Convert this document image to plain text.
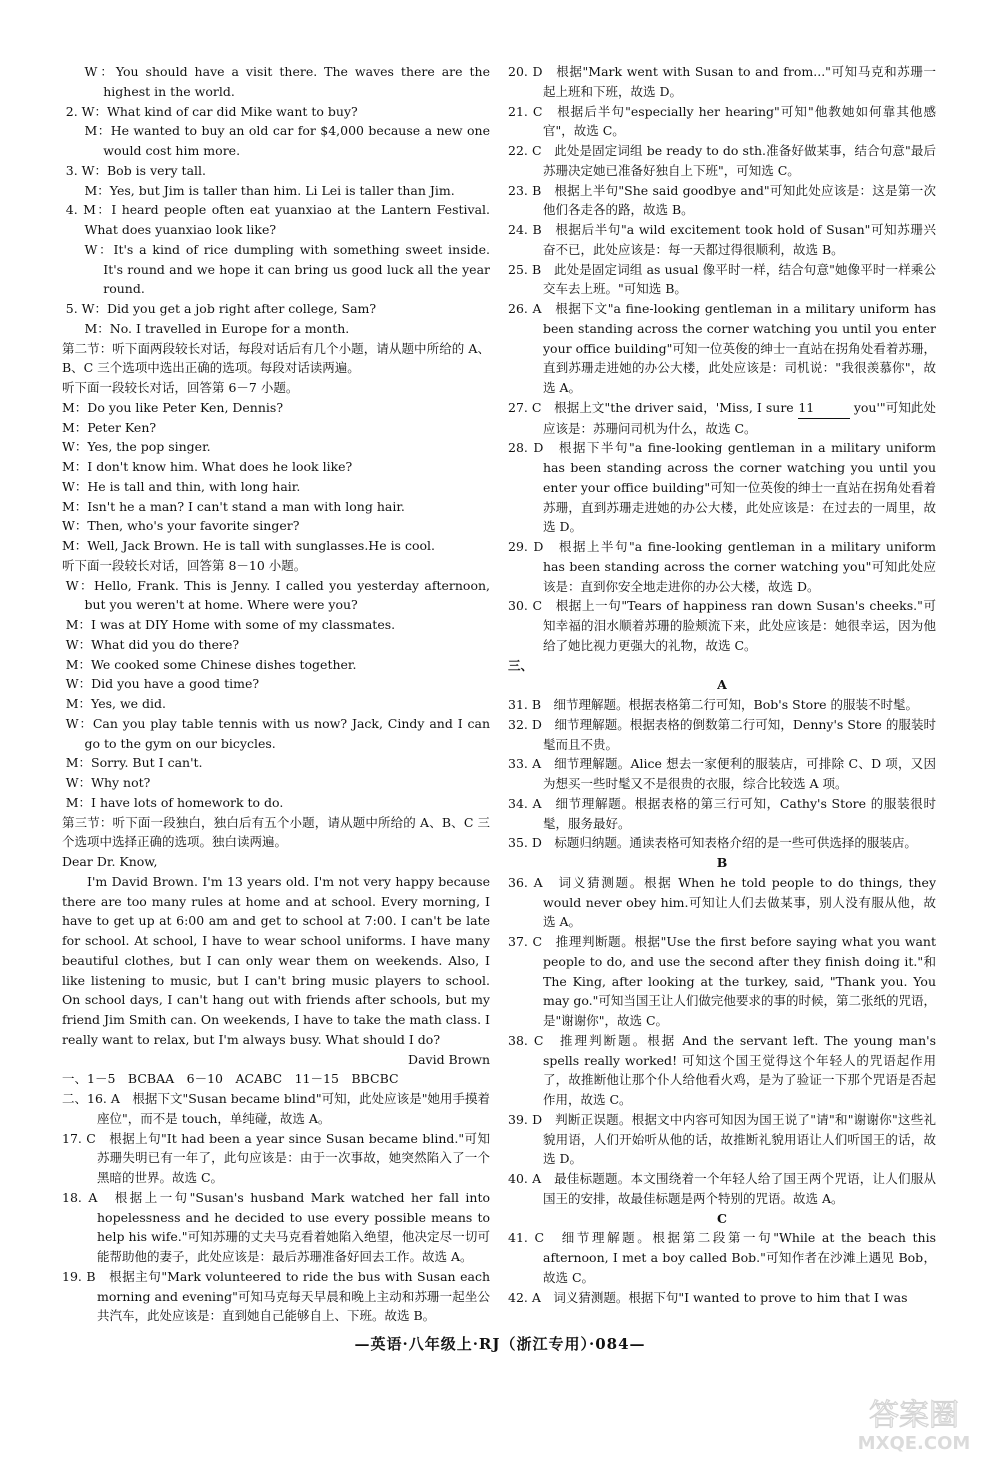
W：You should have a visit there. The waves there are the highest in the world.

2. W：What kind of car did Mike want to buy?

M：He wanted to buy an old car for $4,000 because a new one would cost him more.

3. W：Bob is very tall.

M：Yes, but Jim is taller than him. Li Lei is taller than Jim.

4. M：I heard people often eat yuanxiao at the Lantern Festival. What does yuanxiao look like?

W：It's a kind of rice dumpling with something sweet inside. It's round and we hope it can bring us good luck all the year round.

5. W：Did you get a job right after college, Sam?

M：No. I travelled in Europe for a month.

第二节：听下面两段较长对话，每段对话后有几个小题，请从题中所给的 A、B、C 三个选项中选出正确的选项。每段对话读两遍。

听下面一段较长对话，回答第 6－7 小题。

M：Do you like Peter Ken, Dennis?

M：Peter Ken?

W：Yes, the pop singer.

M：I don't know him. What does he look like?

W：He is tall and thin, with long hair.

M：Isn't he a man? I can't stand a man with long hair.

W：Then, who's your favorite singer?

M：Well, Jack Brown. He is tall with sunglasses.He is cool.

听下面一段较长对话，回答第 8－10 小题。

W：Hello, Frank. This is Jenny. I called you yesterday afternoon, but you weren't at home. Where were you?

M：I was at DIY Home with some of my classmates.

W：What did you do there?

M：We cooked some Chinese dishes together.

W：Did you have a good time?

M：Yes, we did.

W：Can you play table tennis with us now? Jack, Cindy and I can go to the gym on our bicycles.

M：Sorry. But I can't.

W：Why not?

M：I have lots of homework to do.

第三节：听下面一段独白，独白后有五个小题，请从题中所给的 A、B、C 三个选项中选择正确的选项。独白读两遍。

Dear Dr. Know,

I'm David Brown. I'm 13 years old. I'm not very happy because there are too many rules at home and at school. Every morning, I have to get up at 6:00 am and get to school at 7:00. I can't be late for school. At school, I have to wear school uniforms. I have many beautiful clothes, but I can only wear them on weekends. Also, I like listening to music, but I can't bring music players to school. On school days, I can't hang out with friends after schools, but my friend Jim Smith can. On weekends, I have to take the math class. I really want to relax, but I'm always busy. What should I do?

David Brown

一、1－5　BCBAA　6－10　ACABC　11－15　BBCBC

二、16. A　根据下文"Susan became blind"可知，此处应该是"她用手摸着座位"，而不是 touch，单纯碰，故选 A。

17. C　根据上句"It had been a year since Susan became blind."可知苏珊失明已有一年了，此句应该是：由于一次事故，她突然陷入了一个黑暗的世界。故选 C。

18. A　根据上一句"Susan's husband Mark watched her fall into hopelessness and he decided to use every possible means to help his wife."可知苏珊的丈夫马克看着她陷入绝望，他决定尽一切可能帮助他的妻子，此处应该是：最后苏珊准备好回去工作。故选 A。

19. B　根据主句"Mark volunteered to ride the bus with Susan each morning and evening"可知马克每天早晨和晚上主动和苏珊一起坐公共汽车，此处应该是：直到她自己能够自上、下班。故选 B。

20. D　根据"Mark went with Susan to and from..."可知马克和苏珊一起上班和下班，故选 D。

21. C　根据后半句"especially her hearing"可知"他教她如何靠其他感官"，故选 C。

22. C　此处是固定词组 be ready to do sth.准备好做某事，结合句意"最后苏珊决定她已准备好独自上下班"，可知选 C。

23. B　根据上半句"She said goodbye and"可知此处应该是：这是第一次他们各走各的路，故选 B。

24. B　根据后半句"a wild excitement took hold of Susan"可知苏珊兴奋不已，此处应该是：每一天都过得很顺利，故选 B。

25. B　此处是固定词组 as usual 像平时一样，结合句意"她像平时一样乘公交车去上班。"可知选 B。

26. A　根据下文"a fine-looking gentleman in a military uniform has been standing across the corner watching you until you enter your office building"可知一位英俊的绅士一直站在拐角处看着苏珊，直到苏珊走进她的办公大楼，此处应该是：司机说："我很羡慕你"，故选 A。

27. C　根据上文"the driver said，'Miss, I sure 11	you'"可知此处应该是：苏珊问司机为什么，故选 C。

28. D　根据下半句"a fine-looking gentleman in a military uniform has been standing across the corner watching you until you enter your office building"可知一位英俊的绅士一直站在拐角处看着苏珊，直到苏珊走进她的办公大楼，此处应该是：在过去的一周里，故选 D。

29. D　根据上半句"a fine-looking gentleman in a military uniform has been standing across the corner watching you"可知此处应该是：直到你安全地走进你的办公大楼，故选 D。

30. C　根据上一句"Tears of happiness ran down Susan's cheeks."可知幸福的泪水顺着苏珊的脸颊流下来，此处应该是：她很幸运，因为他给了她比视力更强大的礼物，故选 C。

三、

A

31. B　细节理解题。根据表格第二行可知，Bob's Store 的服装不时髦。

32. D　细节理解题。根据表格的倒数第二行可知，Denny's Store 的服装时髦而且不贵。

33. A　细节理解题。Alice 想去一家便利的服装店，可排除 C、D 项，又因为想买一些时髦又不是很贵的衣服，综合比较选 A 项。

34. A　细节理解题。根据表格的第三行可知，Cathy's Store 的服装很时髦，服务最好。

35. D　标题归纳题。通读表格可知表格介绍的是一些可供选择的服装店。

B

36. A　词义猜测题。根据 When he told people to do things, they would never obey him.可知让人们去做某事，别人没有服从他，故选 A。

37. C　推理判断题。根据"Use the first before saying what you want people to do, and use the second after they finish doing it."和 The King, after looking at the turkey, said, "Thank you. You may go."可知当国王让人们做完他要求的事的时候，第二张纸的咒语，是"谢谢你"，故选 C。

38. C　推理判断题。根据 And the servant left. The young man's spells really worked! 可知这个国王觉得这个年轻人的咒语起作用了，故推断他让那个仆人给他看火鸡，是为了验证一下那个咒语是否起作用，故选 C。

39. D　判断正误题。根据文中内容可知因为国王说了"请"和"谢谢你"这些礼貌用语，人们开始听从他的话，故推断礼貌用语让人们听国王的话，故选 D。

40. A　最佳标题题。本文围绕着一个年轻人给了国王两个咒语，让人们服从国王的安排，故最佳标题是两个特别的咒语。故选 A。

C

41. C　细节理解题。根据第二段第一句"While at the beach this afternoon, I met a boy called Bob."可知作者在沙滩上遇见 Bob，故选 C。

42. A　词义猜测题。根据下句"I wanted to prove to him that I was

—英语·八年级上·RJ（浙江专用）·084—
答案圈
MXQE.COM
